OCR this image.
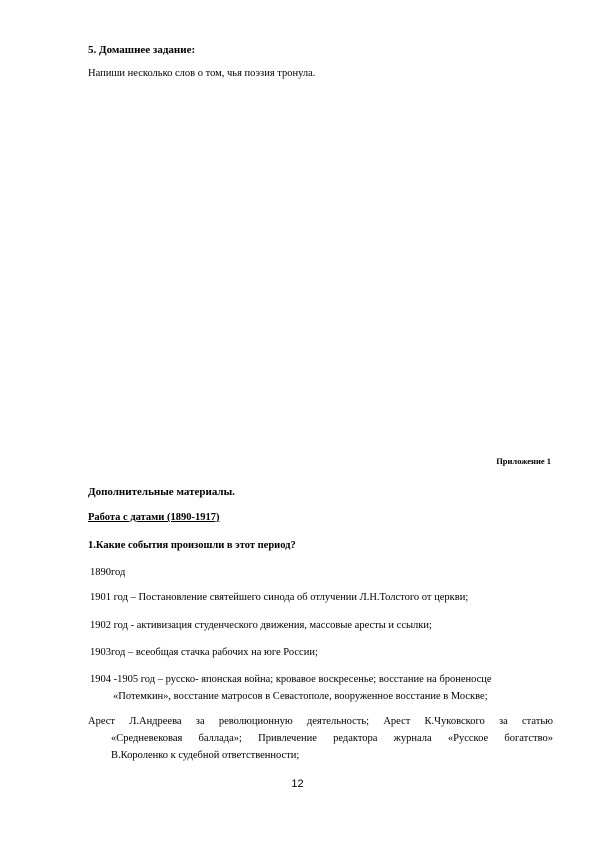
5. Домашнее задание:

Напиши несколько слов о том, чья поэзия тронула.

Приложение 1

Дополнительные материалы.

Работа с датами (1890-1917)

1.Какие события произошли в этот период?

1890год

1901 год – Постановление святейшего синода об отлучении Л.Н.Толстого от церкви;

1902 год - активизация студенческого движения, массовые аресты и ссылки;

1903год – всеобщая стачка рабочих на юге России;

1904 -1905 год – русско- японская война; кровавое воскресенье; восстание на броненосце
«Потемкин», восстание матросов в Севастополе, вооруженное восстание в Москве;

Арест Л.Андреева за революционную деятельность; Арест К.Чуковского за статью
«Средневековая баллада»; Привлечение редактора журнала «Русское богатство»
В.Короленко к судебной ответственности;

12
